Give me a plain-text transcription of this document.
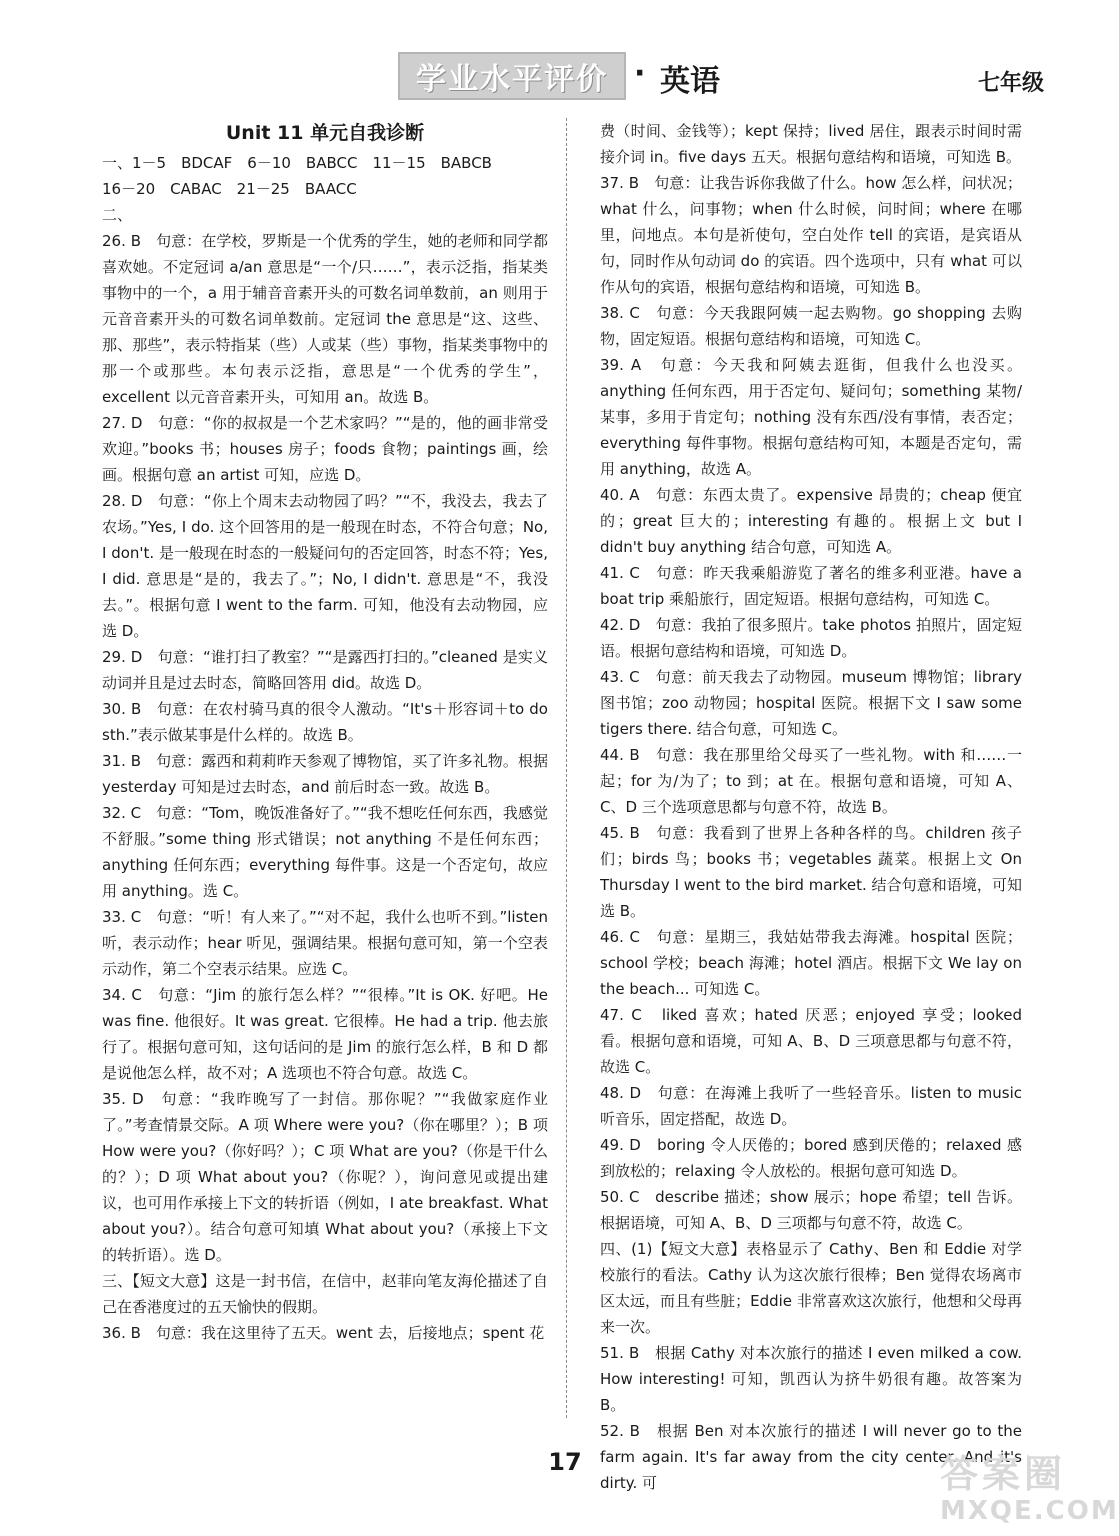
学业水平评价 · 英语	七年级
Unit 11 单元自我诊断

一、1－5　BDCAF　6－10　BABCC　11－15　BABCB

16－20　CABAC　21－25　BAACC

二、

26. B　句意：在学校，罗斯是一个优秀的学生，她的老师和同学都喜欢她。不定冠词 a/an 意思是“一个/只……”，表示泛指，指某类事物中的一个，a 用于辅音音素开头的可数名词单数前，an 则用于元音音素开头的可数名词单数前。定冠词 the 意思是“这、这些、那、那些”，表示特指某（些）人或某（些）事物，指某类事物中的那一个或那些。本句表示泛指，意思是“一个优秀的学生”，excellent 以元音音素开头，可知用 an。故选 B。

27. D　句意：“你的叔叔是一个艺术家吗？”“是的，他的画非常受欢迎。”books 书；houses 房子；foods 食物；paintings 画，绘画。根据句意 an artist 可知，应选 D。

28. D　句意：“你上个周末去动物园了吗？”“不，我没去，我去了农场。”Yes, I do. 这个回答用的是一般现在时态，不符合句意；No, I don't. 是一般现在时态的一般疑问句的否定回答，时态不符；Yes, I did. 意思是“是的，我去了。”；No, I didn't. 意思是“不，我没去。”。根据句意 I went to the farm. 可知，他没有去动物园，应选 D。

29. D　句意：“谁打扫了教室？”“是露西打扫的。”cleaned 是实义动词并且是过去时态，简略回答用 did。故选 D。

30. B　句意：在农村骑马真的很令人激动。“It's＋形容词＋to do sth.”表示做某事是什么样的。故选 B。

31. B　句意：露西和莉莉昨天参观了博物馆，买了许多礼物。根据 yesterday 可知是过去时态，and 前后时态一致。故选 B。

32. C　句意：“Tom，晚饭准备好了。”“我不想吃任何东西，我感觉不舒服。”some thing 形式错误；not anything 不是任何东西；anything 任何东西；everything 每件事。这是一个否定句，故应用 anything。选 C。

33. C　句意：“听！有人来了。”“对不起，我什么也听不到。”listen 听，表示动作；hear 听见，强调结果。根据句意可知，第一个空表示动作，第二个空表示结果。应选 C。

34. C　句意：“Jim 的旅行怎么样？”“很棒。”It is OK. 好吧。He was fine. 他很好。It was great. 它很棒。He had a trip. 他去旅行了。根据句意可知，这句话问的是 Jim 的旅行怎么样，B 和 D 都是说他怎么样，故不对；A 选项也不符合句意。故选 C。

35. D　句意：“我昨晚写了一封信。那你呢？”“我做家庭作业了。”考查情景交际。A 项 Where were you?（你在哪里？）；B 项 How were you?（你好吗？）；C 项 What are you?（你是干什么的？）；D 项 What about you?（你呢？），询问意见或提出建议，也可用作承接上下文的转折语（例如，I ate breakfast. What about you?）。结合句意可知填 What about you?（承接上下文的转折语）。选 D。

三、【短文大意】这是一封书信，在信中，赵菲向笔友海伦描述了自己在香港度过的五天愉快的假期。

36. B　句意：我在这里待了五天。went 去，后接地点；spent 花

费（时间、金钱等）；kept 保持；lived 居住，跟表示时间时需接介词 in。five days 五天。根据句意结构和语境，可知选 B。

37. B　句意：让我告诉你我做了什么。how 怎么样，问状况；what 什么，问事物；when 什么时候，问时间；where 在哪里，问地点。本句是祈使句，空白处作 tell 的宾语，是宾语从句，同时作从句动词 do 的宾语。四个选项中，只有 what 可以作从句的宾语，根据句意结构和语境，可知选 B。

38. C　句意：今天我跟阿姨一起去购物。go shopping 去购物，固定短语。根据句意结构和语境，可知选 C。

39. A　句意：今天我和阿姨去逛街，但我什么也没买。anything 任何东西，用于否定句、疑问句；something 某物/某事，多用于肯定句；nothing 没有东西/没有事情，表否定；everything 每件事物。根据句意结构可知，本题是否定句，需用 anything，故选 A。

40. A　句意：东西太贵了。expensive 昂贵的；cheap 便宜的；great 巨大的；interesting 有趣的。根据上文 but I didn't buy anything 结合句意，可知选 A。

41. C　句意：昨天我乘船游览了著名的维多利亚港。have a boat trip 乘船旅行，固定短语。根据句意结构，可知选 C。

42. D　句意：我拍了很多照片。take photos 拍照片，固定短语。根据句意结构和语境，可知选 D。

43. C　句意：前天我去了动物园。museum 博物馆；library 图书馆；zoo 动物园；hospital 医院。根据下文 I saw some tigers there. 结合句意，可知选 C。

44. B　句意：我在那里给父母买了一些礼物。with 和……一起；for 为/为了；to 到；at 在。根据句意和语境，可知 A、C、D 三个选项意思都与句意不符，故选 B。

45. B　句意：我看到了世界上各种各样的鸟。children 孩子们；birds 鸟；books 书；vegetables 蔬菜。根据上文 On Thursday I went to the bird market. 结合句意和语境，可知选 B。

46. C　句意：星期三，我姑姑带我去海滩。hospital 医院；school 学校；beach 海滩；hotel 酒店。根据下文 We lay on the beach... 可知选 C。

47. C　liked 喜欢；hated 厌恶；enjoyed 享受；looked 看。根据句意和语境，可知 A、B、D 三项意思都与句意不符，故选 C。

48. D　句意：在海滩上我听了一些轻音乐。listen to music 听音乐，固定搭配，故选 D。

49. D　boring 令人厌倦的；bored 感到厌倦的；relaxed 感到放松的；relaxing 令人放松的。根据句意可知选 D。

50. C　describe 描述；show 展示；hope 希望；tell 告诉。根据语境，可知 A、B、D 三项都与句意不符，故选 C。

四、(1)【短文大意】表格显示了 Cathy、Ben 和 Eddie 对学校旅行的看法。Cathy 认为这次旅行很棒；Ben 觉得农场离市区太远，而且有些脏；Eddie 非常喜欢这次旅行，他想和父母再来一次。

51. B　根据 Cathy 对本次旅行的描述 I even milked a cow. How interesting! 可知，凯西认为挤牛奶很有趣。故答案为 B。

52. B　根据 Ben 对本次旅行的描述 I will never go to the farm again. It's far away from the city center. And it's dirty. 可

17	答案圈
MXQE.COM
